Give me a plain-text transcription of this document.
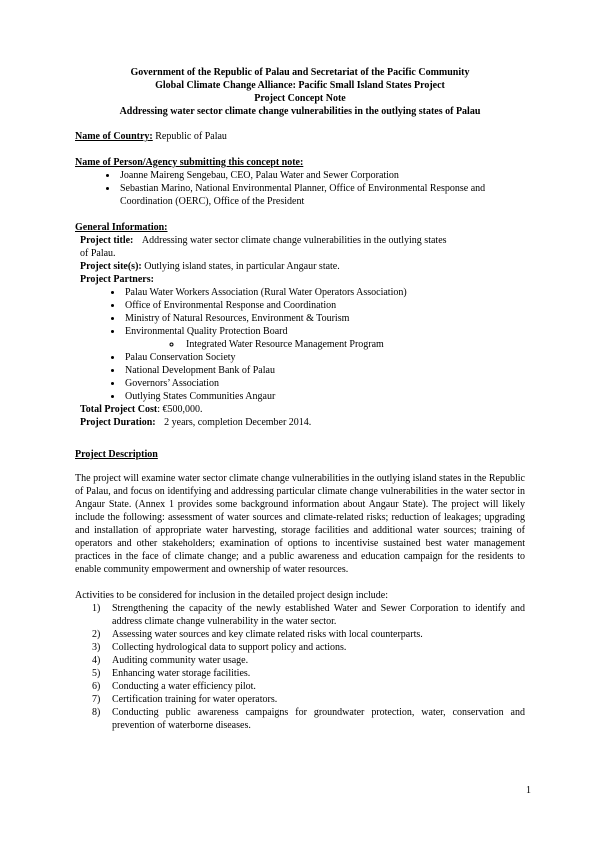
Government of the Republic of Palau and Secretariat of the Pacific Community
Global Climate Change Alliance: Pacific Small Island States Project
Project Concept Note
Addressing water sector climate change vulnerabilities in the outlying states of Palau
Name of Country: Republic of Palau
Name of Person/Agency submitting this concept note:
• Joanne Maireng Sengebau, CEO, Palau Water and Sewer Corporation
• Sebastian Marino, National Environmental Planner, Office of Environmental Response and Coordination (OERC), Office of the President
General Information:
Project title: Addressing water sector climate change vulnerabilities in the outlying states
of Palau.
Project site(s): Outlying island states, in particular Angaur state.
Project Partners:
• Palau Water Workers Association (Rural Water Operators Association)
• Office of Environmental Response and Coordination
• Ministry of Natural Resources, Environment & Tourism
• Environmental Quality Protection Board
◦ Integrated Water Resource Management Program
• Palau Conservation Society
• National Development Bank of Palau
• Governors’ Association
• Outlying States Communities Angaur
Total Project Cost: €500,000.
Project Duration: 2 years, completion December 2014.
Project Description

The project will examine water sector climate change vulnerabilities in the outlying island states in the Republic of Palau, and focus on identifying and addressing particular climate change vulnerabilities in the water sector in Angaur State. (Annex 1 provides some background information about Angaur State). The project will likely include the following: assessment of water sources and climate-related risks; reduction of leakages; upgrading and installation of appropriate water harvesting, storage facilities and additional water sources; training of operators and other stakeholders; examination of options to incentivise sustained best water management practices in the face of climate change; and a public awareness and education campaign for the residents to enable community empowerment and ownership of water resources.

Activities to be considered for inclusion in the detailed project design include:
Strengthening the capacity of the newly established Water and Sewer Corporation to identify and address climate change vulnerability in the water sector.
Assessing water sources and key climate related risks with local counterparts.
Collecting hydrological data to support policy and actions.
Auditing community water usage.
Enhancing water storage facilities.
Conducting a water efficiency pilot.
Certification training for water operators.
Conducting public awareness campaigns for groundwater protection, water, conservation and prevention of waterborne diseases.
1
